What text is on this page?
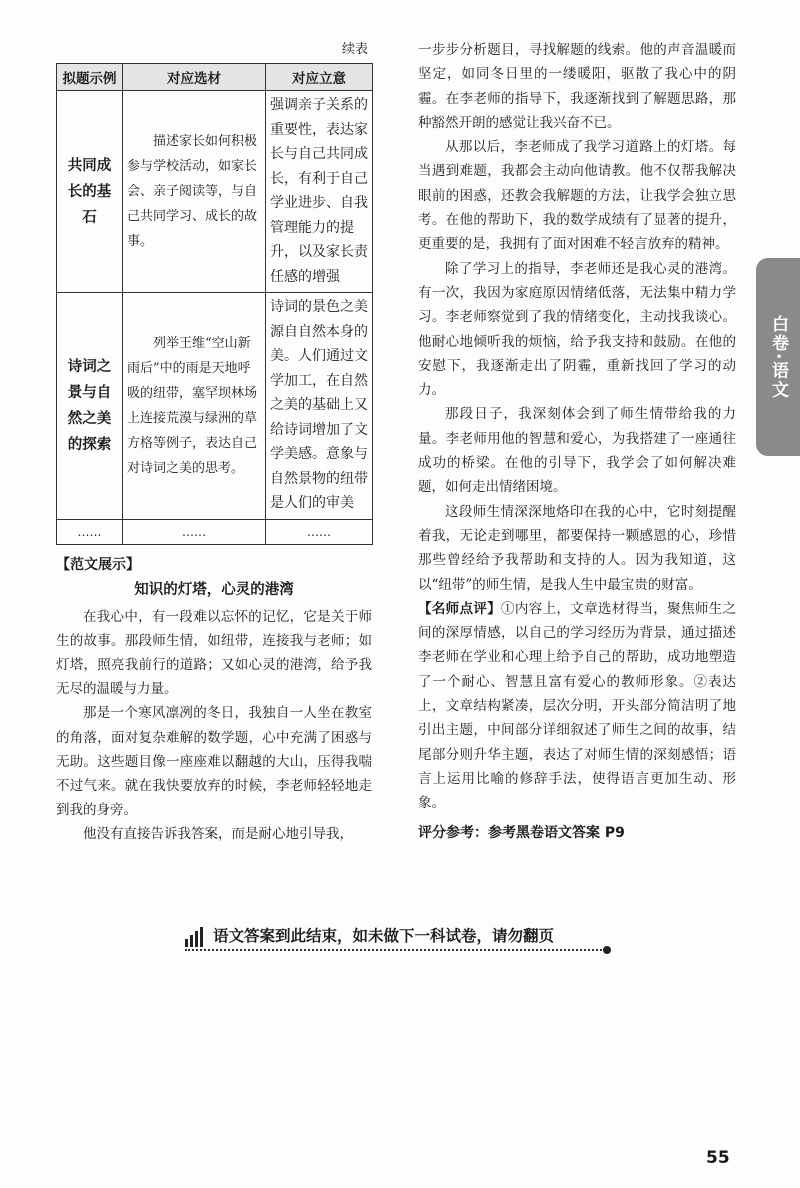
续表
拟题示例	对应选材	对应立意
共同成长的基石	描述家长如何积极参与学校活动，如家长会、亲子阅读等，与自己共同学习、成长的故事。	强调亲子关系的重要性，表达家长与自己共同成长，有利于自己学业进步、自我管理能力的提升，以及家长责任感的增强
诗词之景与自然之美的探索	列举王维“空山新雨后”中的雨是天地呼吸的纽带，塞罕坝林场上连接荒漠与绿洲的草方格等例子，表达自己对诗词之美的思考。	诗词的景色之美源自自然本身的美。人们通过文学加工，在自然之美的基础上又给诗词增加了文学美感。意象与自然景物的纽带是人们的审美
……	……	……
【范文展示】
知识的灯塔，心灵的港湾

在我心中，有一段难以忘怀的记忆，它是关于师生的故事。那段师生情，如纽带，连接我与老师；如灯塔，照亮我前行的道路；又如心灵的港湾，给予我无尽的温暖与力量。

那是一个寒风凛冽的冬日，我独自一人坐在教室的角落，面对复杂难解的数学题，心中充满了困惑与无助。这些题目像一座座难以翻越的大山，压得我喘不过气来。就在我快要放弃的时候，李老师轻轻地走到我的身旁。

他没有直接告诉我答案，而是耐心地引导我，

一步步分析题目，寻找解题的线索。他的声音温暖而坚定，如同冬日里的一缕暖阳，驱散了我心中的阴霾。在李老师的指导下，我逐渐找到了解题思路，那种豁然开朗的感觉让我兴奋不已。

从那以后，李老师成了我学习道路上的灯塔。每当遇到难题，我都会主动向他请教。他不仅帮我解决眼前的困惑，还教会我解题的方法，让我学会独立思考。在他的帮助下，我的数学成绩有了显著的提升，更重要的是，我拥有了面对困难不轻言放弃的精神。

除了学习上的指导，李老师还是我心灵的港湾。有一次，我因为家庭原因情绪低落，无法集中精力学习。李老师察觉到了我的情绪变化，主动找我谈心。他耐心地倾听我的烦恼，给予我支持和鼓励。在他的安慰下，我逐渐走出了阴霾，重新找回了学习的动力。

那段日子，我深刻体会到了师生情带给我的力量。李老师用他的智慧和爱心，为我搭建了一座通往成功的桥梁。在他的引导下，我学会了如何解决难题，如何走出情绪困境。

这段师生情深深地烙印在我的心中，它时刻提醒着我，无论走到哪里，都要保持一颗感恩的心，珍惜那些曾经给予我帮助和支持的人。因为我知道，这以“纽带”的师生情，是我人生中最宝贵的财富。

【名师点评】①内容上，文章选材得当，聚焦师生之间的深厚情感，以自己的学习经历为背景，通过描述李老师在学业和心理上给予自己的帮助，成功地塑造了一个耐心、智慧且富有爱心的教师形象。②表达上，文章结构紧凑，层次分明，开头部分简洁明了地引出主题，中间部分详细叙述了师生之间的故事，结尾部分则升华主题，表达了对师生情的深刻感悟；语言上运用比喻的修辞手法，使得语言更加生动、形象。

评分参考：参考黑卷语文答案 P9
白卷·语文
语文答案到此结束，如未做下一科试卷，请勿翻页
55
